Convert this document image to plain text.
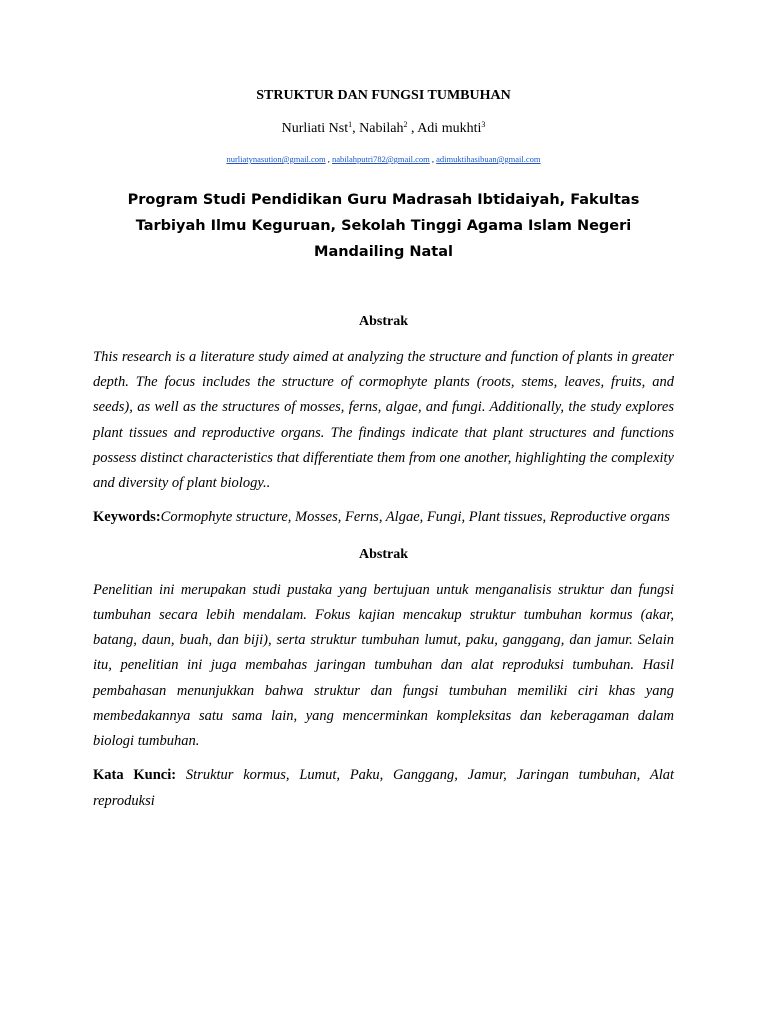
STRUKTUR DAN FUNGSI TUMBUHAN
Nurliati Nst$^1$, Nabilah$^2$ , Adi mukhti$^3$
nurliatynasution@gmail.com , nabilahputri782@gmail.com , adimuktihasibuan@gmail.com
Program Studi Pendidikan Guru Madrasah Ibtidaiyah, Fakultas Tarbiyah Ilmu Keguruan, Sekolah Tinggi Agama Islam Negeri Mandailing Natal
Abstrak
This research is a literature study aimed at analyzing the structure and function of plants in greater depth. The focus includes the structure of cormophyte plants (roots, stems, leaves, fruits, and seeds), as well as the structures of mosses, ferns, algae, and fungi. Additionally, the study explores plant tissues and reproductive organs. The findings indicate that plant structures and functions possess distinct characteristics that differentiate them from one another, highlighting the complexity and diversity of plant biology..
Keywords:Cormophyte structure, Mosses, Ferns, Algae, Fungi, Plant tissues, Reproductive organs
Abstrak
Penelitian ini merupakan studi pustaka yang bertujuan untuk menganalisis struktur dan fungsi tumbuhan secara lebih mendalam. Fokus kajian mencakup struktur tumbuhan kormus (akar, batang, daun, buah, dan biji), serta struktur tumbuhan lumut, paku, ganggang, dan jamur. Selain itu, penelitian ini juga membahas jaringan tumbuhan dan alat reproduksi tumbuhan. Hasil pembahasan menunjukkan bahwa struktur dan fungsi tumbuhan memiliki ciri khas yang membedakannya satu sama lain, yang mencerminkan kompleksitas dan keberagaman dalam biologi tumbuhan.
Kata Kunci: Struktur kormus, Lumut, Paku, Ganggang, Jamur, Jaringan tumbuhan, Alat reproduksi
